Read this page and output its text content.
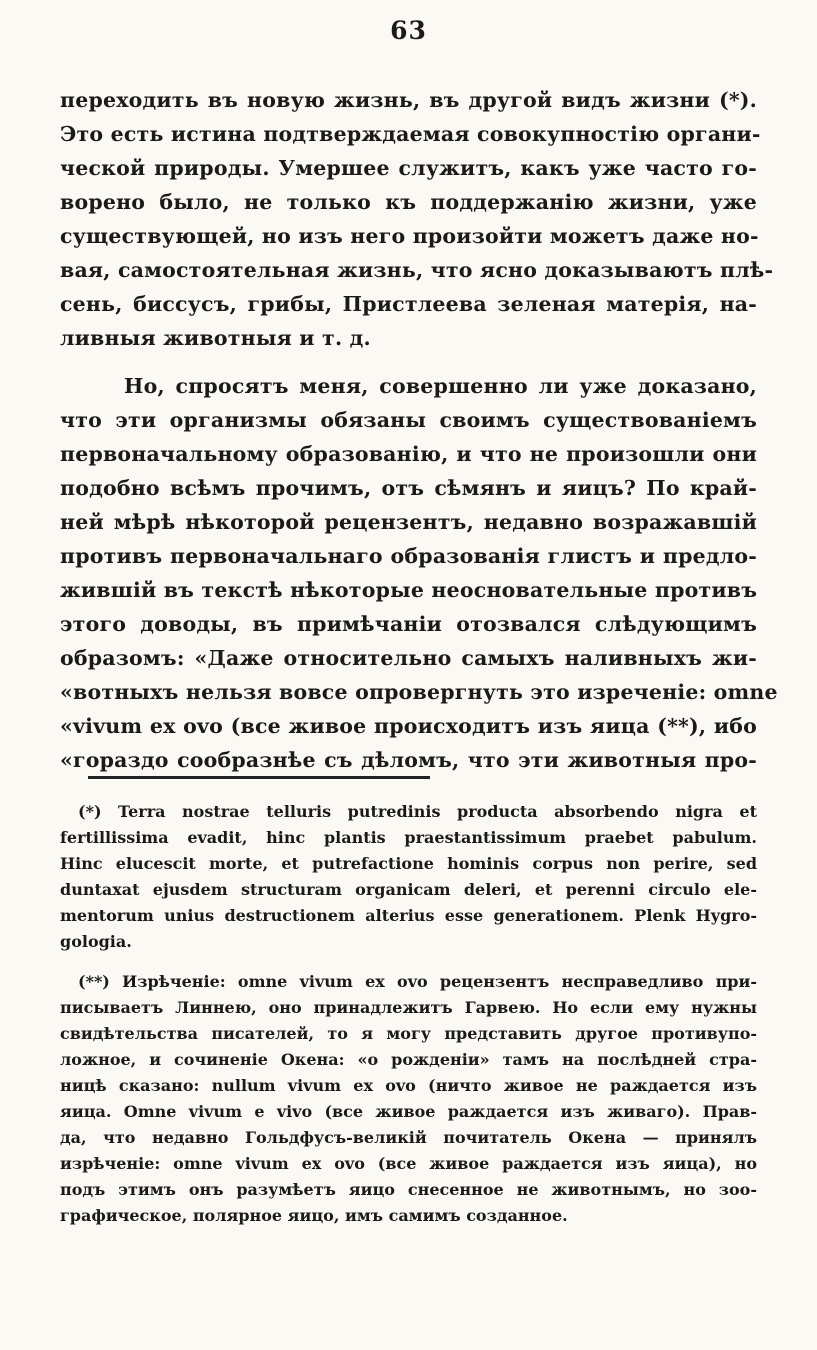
63
переходить въ новую жизнь, въ другой видъ жизни (*).
Это есть истина подтверждаемая совокупностію органи-
ческой природы. Умершее служитъ, какъ уже часто го-
ворено было, не только къ поддержанію жизни, уже
существующей, но изъ него произойти можетъ даже но-
вая, самостоятельная жизнь, что ясно доказываютъ плѣ-
сень, биссусъ, грибы, Пристлеева зеленая матерія, на-
ливныя животныя и т. д.
Но, спросятъ меня, совершенно ли уже доказано,
что эти организмы обязаны своимъ существованіемъ
первоначальному образованію, и что не произошли они
подобно всѣмъ прочимъ, отъ сѣмянъ и яицъ? По край-
ней мѣрѣ нѣкоторой рецензентъ, недавно возражавшій
противъ первоначальнаго образованія глистъ и предло-
жившій въ текстѣ нѣкоторые неосновательные противъ
этого доводы, въ примѣчаніи отозвался слѣдующимъ
образомъ: «Даже относительно самыхъ наливныхъ жи-
«вотныхъ нельзя вовсе опровергнуть это изреченіе: omne
«vivum ex ovo (все живое происходитъ изъ яица (**), ибо
«гораздо сообразнѣе съ дѣломъ, что эти животныя про-
(*) Terra nostrae telluris putredinis producta absorbendo nigra et
fertillissima evadit, hinc plantis praestantissimum praebet pabulum.
Hinc elucescit morte, et putrefactione hominis corpus non perire, sed
duntaxat ejusdem structuram organicam deleri, et perenni circulo ele-
mentorum unius destructionem alterius esse generationem. Plenk Hygro-
gologia.
(**) Изрѣченіе: omne vivum ex ovo рецензентъ несправедливо при-
писываетъ Линнею, оно принадлежитъ Гарвею. Но если ему нужны
свидѣтельства писателей, то я могу представить другое противупо-
ложное, и сочиненіе Окена: «о рожденіи» тамъ на послѣдней стра-
ницѣ сказано: nullum vivum ex ovo (ничто живое не раждается изъ
яица. Omne vivum e vivo (все живое раждается изъ живаго). Прав-
да, что недавно Гольдфусъ-великій почитатель Окена — принялъ
изрѣченіе: omne vivum ex ovo (все живое раждается изъ яица), но
подъ этимъ онъ разумѣетъ яицо снесенное не животнымъ, но зоо-
графическое, полярное яицо, имъ самимъ созданное.
